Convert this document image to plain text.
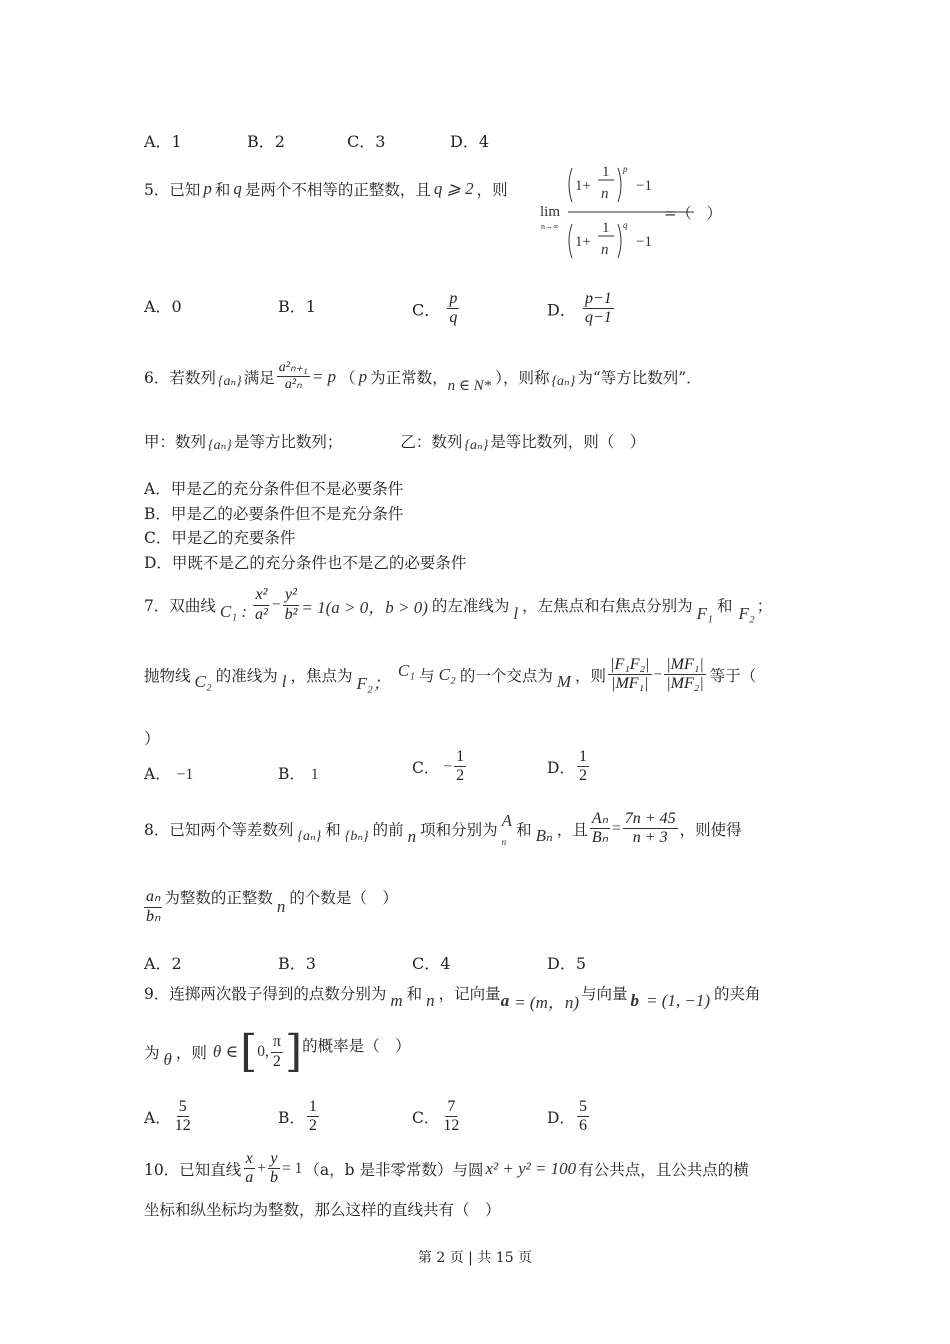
A．1	B．2	C．3	D．4
5．已知 p 和 q 是两个不相等的正整数，且 q ⩾ 2 ，则
lim
n→∞
1+
1
n
p
−1
1+
1
n
q
−1
=（　）
A．0	B．1	C． $\frac{p}{q}$	D． $\frac{p-1}{q-1}$
6．若数列 {aₙ} 满足 $\frac{\text{a²ₙ₊₁}}{\text{a²ₙ}} = p$ （ p 为正常数， n ∈ N* ），则称 {aₙ} 为“等方比数列”．
甲：数列 {aₙ} 是等方比数列；	乙：数列 {aₙ} 是等比数列，则（　）
A．甲是乙的充分条件但不是必要条件
B．甲是乙的必要条件但不是充分条件
C．甲是乙的充要条件
D．甲既不是乙的充分条件也不是乙的必要条件
7．双曲线 C₁ : $\frac{\text{x²}}{\text{a²}} - \frac{\text{y²}}{\text{b²}} = 1(a > 0$，b > 0) 的左准线为 l ，左焦点和右焦点分别为 F₁ 和 F₂ ；
抛物线 C₂ 的准线为 l ，焦点为 F₂；
C₁ 与 C₂ 的一个交点为 M ，则 $\frac{\text{|F₁F₂|}}{\text{|MF₁|}} - \frac{\text{|MF₁|}}{\text{|MF₂|}}$ 等于（
）
A． −1	B． 1	C． − $\frac{1}{2}$	D． $\frac{1}{2}$
8．已知两个等差数列 {aₙ} 和 {bₙ} 的前 n 项和分别为 A
n
和 Bₙ ，且 $\frac{\text{Aₙ}}{\text{Bₙ}} = \frac{7n + 45}{n + 3}$ ，则使得
$\frac{\text{aₙ}}{\text{bₙ}}$ 为整数的正整数 n 的个数是（　）
A．2	B．3	C．4	D．5
9．连掷两次骰子得到的点数分别为 m 和 n ，记向量 a = (m，n) 与向量 b = (1, −1) 的夹角
为 θ ，则 θ ∈ [ 0, $\frac{\pi}{2}$ ] 的概率是（　）
A． $\frac{5}{12}$	B． $\frac{1}{2}$	C． $\frac{7}{12}$	D． $\frac{5}{6}$
10．已知直线 $\frac{x}{a} + \frac{y}{b} = 1$ （a，b 是非零常数）与圆 x² + y² = 100 有公共点，且公共点的横
坐标和纵坐标均为整数，那么这样的直线共有（　）
第 2 页 | 共 15 页
